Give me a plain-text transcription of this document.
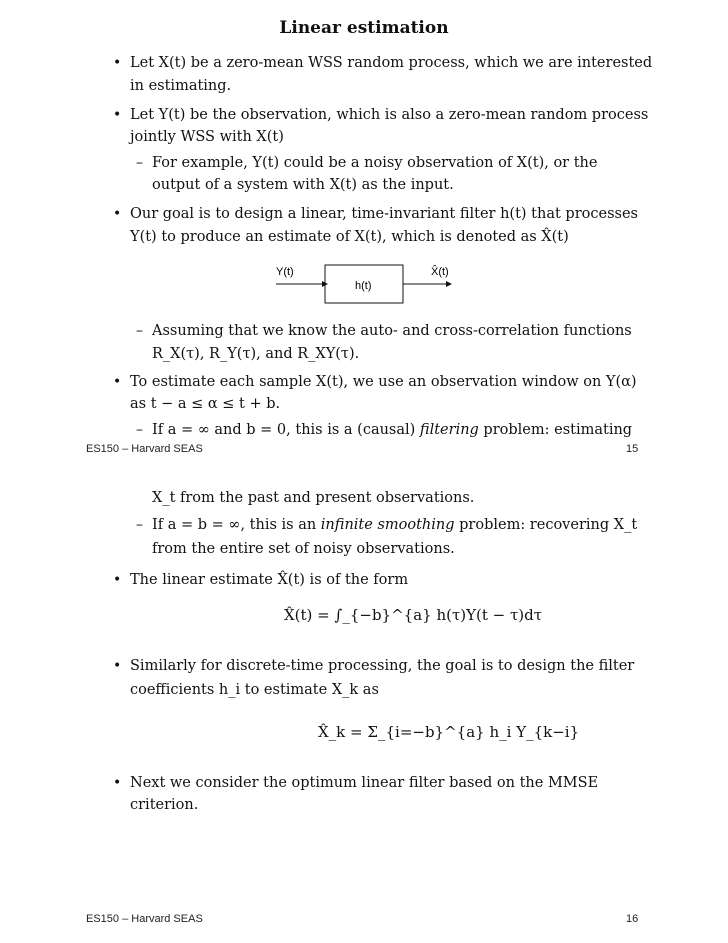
Linear estimation
• Let X(t) be a zero-mean WSS random process, which we are interested
in estimating.
• Let Y(t) be the observation, which is also a zero-mean random process
jointly WSS with X(t)
– For example, Y(t) could be a noisy observation of X(t), or the
output of a system with X(t) as the input.
• Our goal is to design a linear, time-invariant filter h(t) that processes
Y(t) to produce an estimate of X(t), which is denoted as X̂(t)
Y(t)
h(t)
X̂(t)
– Assuming that we know the auto- and cross-correlation functions
R_X(τ), R_Y(τ), and R_XY(τ).
• To estimate each sample X(t), we use an observation window on Y(α)
as t − a ≤ α ≤ t + b.
– If a = ∞ and b = 0, this is a (causal) filtering problem: estimating
ES150 – Harvard SEAS	15
X_t from the past and present observations.
– If a = b = ∞, this is an infinite smoothing problem: recovering X_t
from the entire set of noisy observations.
• The linear estimate X̂(t) is of the form
X̂(t) = ∫_{−b}^{a} h(τ)Y(t − τ)dτ
• Similarly for discrete-time processing, the goal is to design the filter
coefficients h_i to estimate X_k as
X̂_k = Σ_{i=−b}^{a} h_i Y_{k−i}
• Next we consider the optimum linear filter based on the MMSE
criterion.
ES150 – Harvard SEAS	16
